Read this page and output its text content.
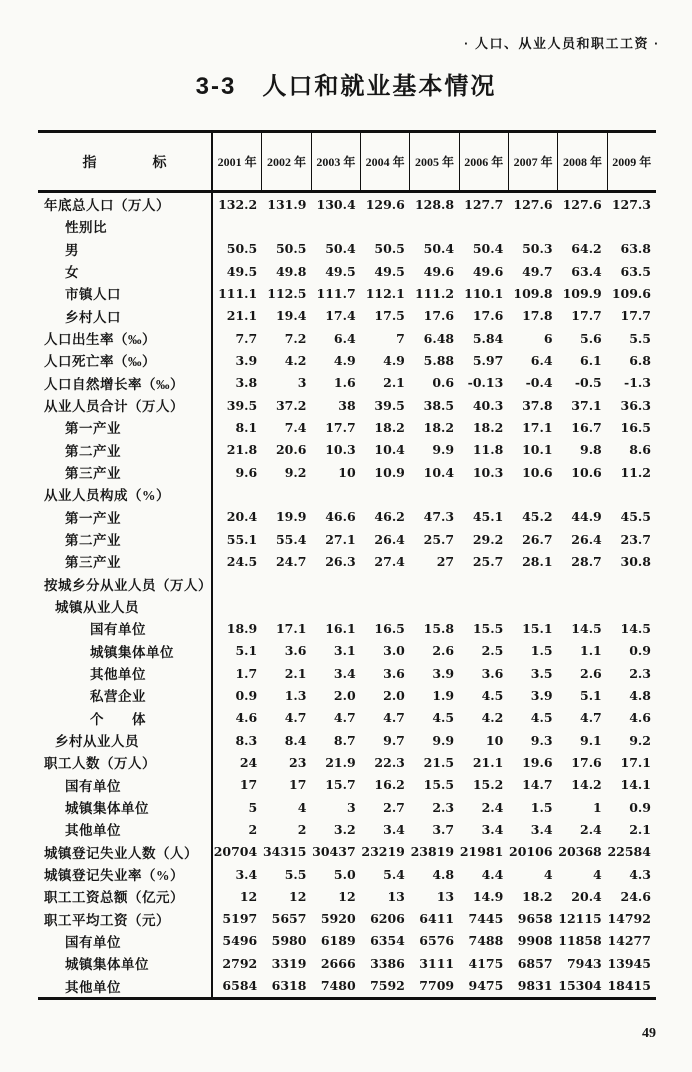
· 人口、从业人员和职工工资 ·
3-3　人口和就业基本情况
指　　　　标	2001 年 2002 年 2003 年 2004 年 2005 年 2006 年 2007 年 2008 年 2009 年
年底总人口（万人）	132.2 131.9 130.4 129.6 128.8 127.7 127.6 127.6 127.3
性别比
男	50.5	50.5	50.4	50.5	50.4	50.4	50.3	64.2	63.8
女	49.5	49.8	49.5	49.5	49.6	49.6	49.7	63.4	63.5
市镇人口	111.1 112.5 111.7 112.1 111.2 110.1 109.8 109.9 109.6
乡村人口	21.1	19.4	17.4	17.5	17.6	17.6	17.8	17.7	17.7
人口出生率（‰）	7.7	7.2	6.4	7	6.48	5.84	6	5.6	5.5
人口死亡率（‰）	3.9	4.2	4.9	4.9	5.88	5.97	6.4	6.1	6.8
人口自然增长率（‰）	3.8	3	1.6	2.1	0.6	-0.13	-0.4	-0.5	-1.3
从业人员合计（万人）	39.5	37.2	38	39.5	38.5	40.3	37.8	37.1	36.3
第一产业	8.1	7.4	17.7	18.2	18.2	18.2	17.1	16.7	16.5
第二产业	21.8	20.6	10.3	10.4	9.9	11.8	10.1	9.8	8.6
第三产业	9.6	9.2	10	10.9	10.4	10.3	10.6	10.6	11.2
从业人员构成（%）
第一产业	20.4	19.9	46.6	46.2	47.3	45.1	45.2	44.9	45.5
第二产业	55.1	55.4	27.1	26.4	25.7	29.2	26.7	26.4	23.7
第三产业	24.5	24.7	26.3	27.4	27	25.7	28.1	28.7	30.8
按城乡分从业人员（万人）
城镇从业人员
国有单位	18.9	17.1	16.1	16.5	15.8	15.5	15.1	14.5	14.5
城镇集体单位	5.1	3.6	3.1	3.0	2.6	2.5	1.5	1.1	0.9
其他单位	1.7	2.1	3.4	3.6	3.9	3.6	3.5	2.6	2.3
私营企业	0.9	1.3	2.0	2.0	1.9	4.5	3.9	5.1	4.8
个　　体	4.6	4.7	4.7	4.7	4.5	4.2	4.5	4.7	4.6
乡村从业人员	8.3	8.4	8.7	9.7	9.9	10	9.3	9.1	9.2
职工人数（万人）	24	23	21.9	22.3	21.5	21.1	19.6	17.6	17.1
国有单位	17	17	15.7	16.2	15.5	15.2	14.7	14.2	14.1
城镇集体单位	5	4	3	2.7	2.3	2.4	1.5	1	0.9
其他单位	2	2	3.2	3.4	3.7	3.4	3.4	2.4	2.1
城镇登记失业人数（人）	20704 34315 30437 23219 23819 21981 20106 20368 22584
城镇登记失业率（%）	3.4	5.5	5.0	5.4	4.8	4.4	4	4	4.3
职工工资总额（亿元）	12	12	12	13	13	14.9	18.2	20.4	24.6
职工平均工资（元）	5197	5657	5920	6206	6411	7445	9658 12115 14792
国有单位	5496	5980	6189	6354	6576	7488	9908 11858 14277
城镇集体单位	2792	3319	2666	3386	3111	4175	6857	7943 13945
其他单位	6584	6318	7480	7592	7709	9475	9831 15304 18415
49
